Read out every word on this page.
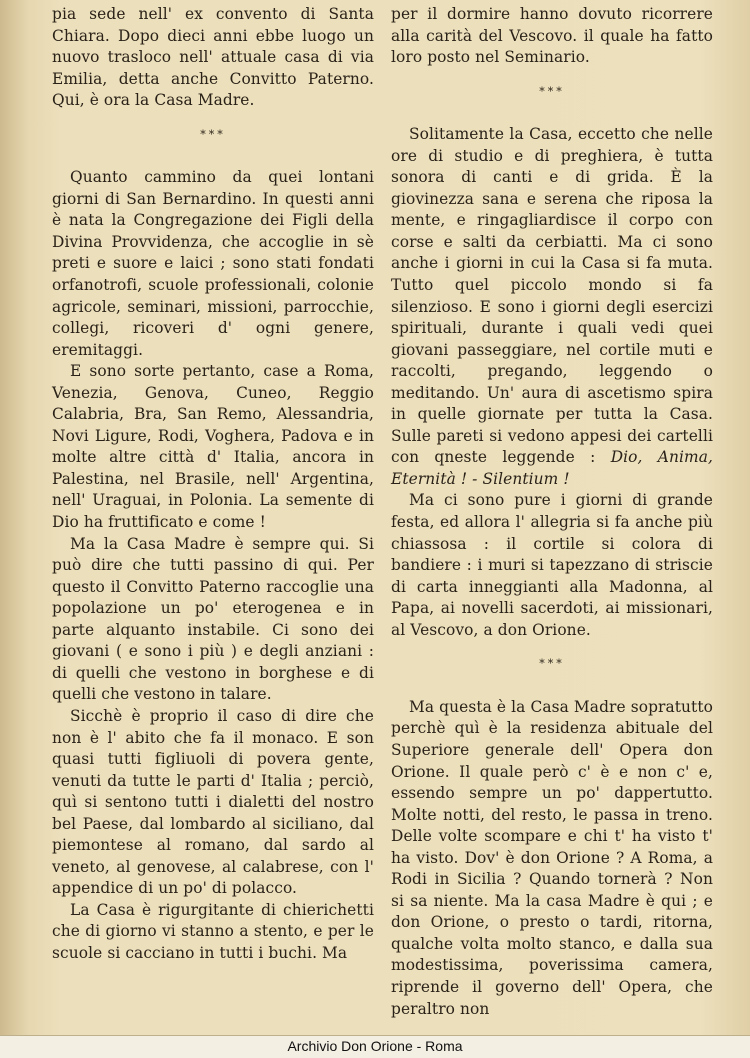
pia sede nell' ex convento di Santa Chiara. Dopo dieci anni ebbe luogo un nuovo trasloco nell' attuale casa di via Emilia, detta anche Convitto Paterno. Qui, è ora la Casa Madre.

***

Quanto cammino da quei lontani giorni di San Bernardino. In questi anni è nata la Congregazione dei Figli della Divina Provvidenza, che accoglie in sè preti e suore e laici ; sono stati fondati orfanotrofi, scuole professionali, colonie agricole, seminari, missioni, parrocchie, collegi, ricoveri d' ogni genere, eremitaggi.

E sono sorte pertanto, case a Roma, Venezia, Genova, Cuneo, Reggio Calabria, Bra, San Remo, Alessandria, Novi Ligure, Rodi, Voghera, Padova e in molte altre città d' Italia, ancora in Palestina, nel Brasile, nell' Argentina, nell' Uraguai, in Polonia. La semente di Dio ha fruttificato e come !

Ma la Casa Madre è sempre qui. Si può dire che tutti passino di qui. Per questo il Convitto Paterno raccoglie una popolazione un po' eterogenea e in parte alquanto instabile. Ci sono dei giovani ( e sono i più ) e degli anziani : di quelli che vestono in borghese e di quelli che vestono in talare.

Sicchè è proprio il caso di dire che non è l' abito che fa il monaco. E son quasi tutti figliuoli di povera gente, venuti da tutte le parti d' Italia ; perciò, quì si sentono tutti i dialetti del nostro bel Paese, dal lombardo al siciliano, dal piemontese al romano, dal sardo al veneto, al genovese, al calabrese, con l' appendice di un po' di polacco.

La Casa è rigurgitante di chierichetti che di giorno vi stanno a stento, e per le scuole si cacciano in tutti i buchi. Ma

per il dormire hanno dovuto ricorrere alla carità del Vescovo. il quale ha fatto loro posto nel Seminario.

***

Solitamente la Casa, eccetto che nelle ore di studio e di preghiera, è tutta sonora di canti e di grida. È la giovinezza sana e serena che riposa la mente, e ringagliardisce il corpo con corse e salti da cerbiatti. Ma ci sono anche i giorni in cui la Casa si fa muta. Tutto quel piccolo mondo si fa silenzioso. E sono i giorni degli esercizi spirituali, durante i quali vedi quei giovani passeggiare, nel cortile muti e raccolti, pregando, leggendo o meditando. Un' aura di ascetismo spira in quelle giornate per tutta la Casa. Sulle pareti si vedono appesi dei cartelli con qneste leggende : Dio, Anima, Eternità ! - Silentium !

Ma ci sono pure i giorni di grande festa, ed allora l' allegria si fa anche più chiassosa : il cortile si colora di bandiere : i muri si tapezzano di striscie di carta inneggianti alla Madonna, al Papa, ai novelli sacerdoti, ai missionari, al Vescovo, a don Orione.

***

Ma questa è la Casa Madre sopratutto perchè quì è la residenza abituale del Superiore generale dell' Opera don Orione. Il quale però c' è e non c' e, essendo sempre un po' dappertutto. Molte notti, del resto, le passa in treno. Delle volte scompare e chi t' ha visto t' ha visto. Dov' è don Orione ? A Roma, a Rodi in Sicilia ? Quando tornerà ? Non si sa niente. Ma la casa Madre è qui ; e don Orione, o presto o tardi, ritorna, qualche volta molto stanco, e dalla sua modestissima, poverissima camera, riprende il governo dell' Opera, che peraltro non

Archivio Don Orione - Roma
